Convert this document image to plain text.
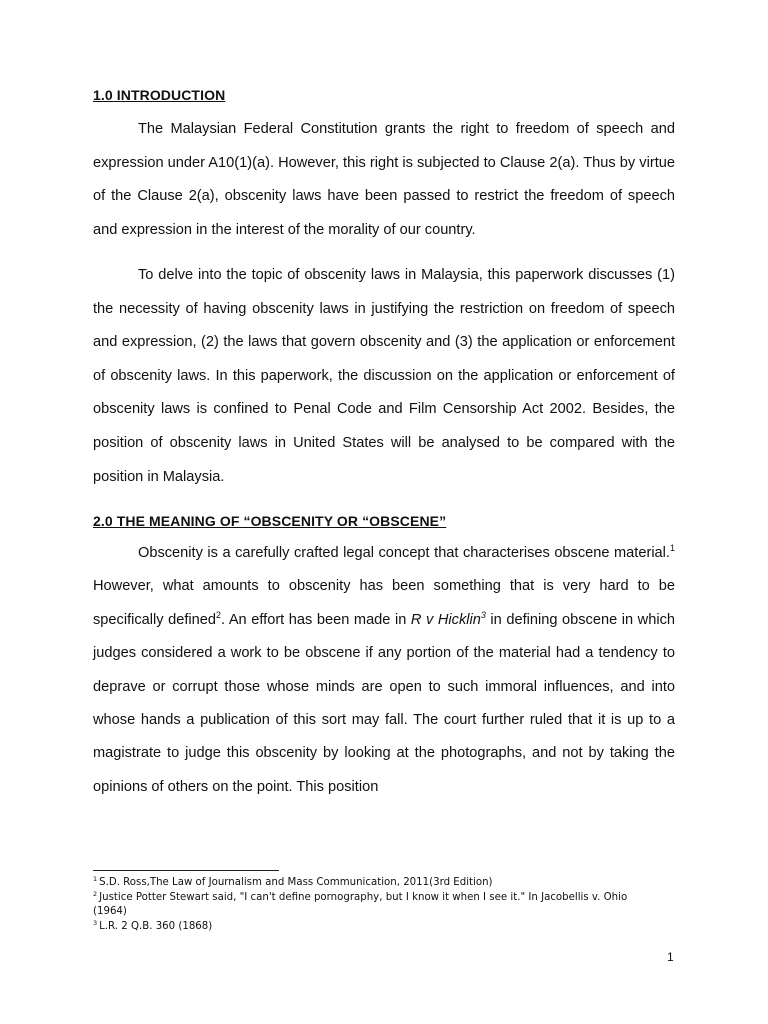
1.0 INTRODUCTION

The Malaysian Federal Constitution grants the right to freedom of speech and expression under A10(1)(a). However, this right is subjected to Clause 2(a). Thus by virtue of the Clause 2(a), obscenity laws have been passed to restrict the freedom of speech and expression in the interest of the morality of our country.

To delve into the topic of obscenity laws in Malaysia, this paperwork discusses (1) the necessity of having obscenity laws in justifying the restriction on freedom of speech and expression, (2) the laws that govern obscenity and (3) the application or enforcement of obscenity laws. In this paperwork, the discussion on the application or enforcement of obscenity laws is confined to Penal Code and Film Censorship Act 2002. Besides, the position of obscenity laws in United States will be analysed to be compared with the position in Malaysia.

2.0 THE MEANING OF “OBSCENITY OR “OBSCENE”

Obscenity is a carefully crafted legal concept that characterises obscene material.$^1$ However, what amounts to obscenity has been something that is very hard to be specifically defined$^2$. An effort has been made in R v Hicklin$^3$ in defining obscene in which judges considered a work to be obscene if any portion of the material had a tendency to deprave or corrupt those whose minds are open to such immoral influences, and into whose hands a publication of this sort may fall. The court further ruled that it is up to a magistrate to judge this obscenity by looking at the photographs, and not by taking the opinions of others on the point. This position

$^1$ S.D. Ross,The Law of Journalism and Mass Communication, 2011(3rd Edition)
$^2$ Justice Potter Stewart said, "I can't define pornography, but I know it when I see it." In Jacobellis v. Ohio (1964)
$^3$ L.R. 2 Q.B. 360 (1868)
1
